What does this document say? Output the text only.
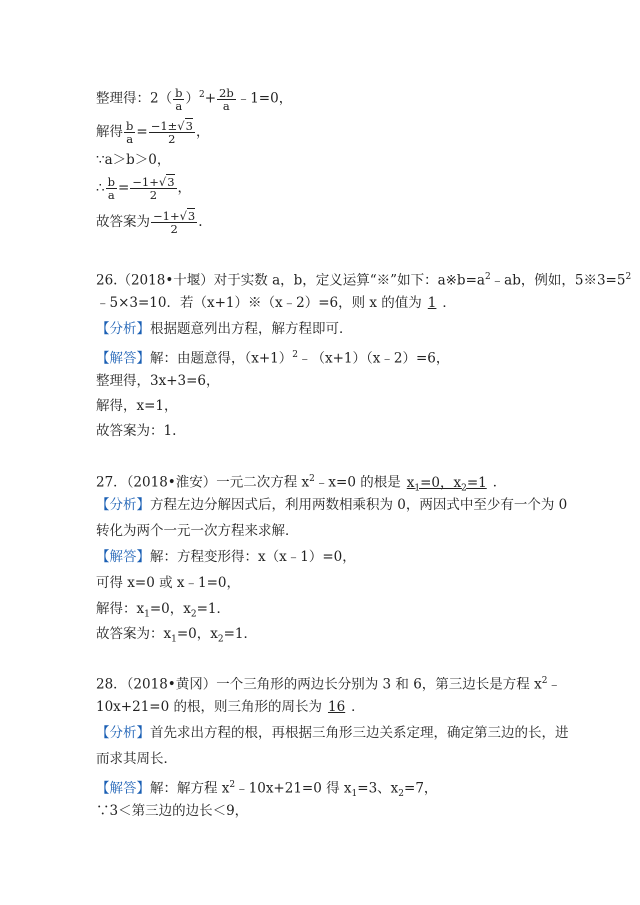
整理得：$2( \frac{b}{a} )^2+ \frac{2b}{a}$ ﹣1=0，
解得 $\frac{b}{a} = \frac{-1\pm√3}{2}$ ，
∵a＞b＞0，
∴ $\frac{b}{a} = \frac{-1+√3}{2}$ ，
故答案为 $\frac{-1+√3}{2}$ .
26.（2018•十堰）对于实数 a，b，定义运算“※”如下：$a※b=a^2﹣ab$，例如，$5※3=5^2$
﹣5×3=10．若（x+1）※（x﹣2）=6，则 x 的值为 1 ．
【分析】根据题意列出方程，解方程即可．
【解答】解：由题意得，$(x+1)^2﹣(x+1)(x﹣2)=6$，
整理得，3x+3=6，
解得，x=1，
故答案为：1.
27．（2018•淮安）一元二次方程 $x^2﹣x=0$ 的根是 $x_1=0$，$x_2=1$ ．
【分析】方程左边分解因式后，利用两数相乘积为 0，两因式中至少有一个为 0
转化为两个一元一次方程来求解．
【解答】解：方程变形得：x（x﹣1）=0，
可得 x=0 或 x﹣1=0，
解得：$x_1=0$，$x_2=1$．
故答案为：$x_1=0$，$x_2=1$．
28．（2018•黄冈）一个三角形的两边长分别为 3 和 6，第三边长是方程 $x^2﹣$
10x+21=0 的根，则三角形的周长为 16 ．
【分析】首先求出方程的根，再根据三角形三边关系定理，确定第三边的长，进
而求其周长．
【解答】解：解方程 $x^2﹣10x+21=0$ 得 $x_1=3$、$x_2=7$，
∵3＜第三边的边长＜9，
